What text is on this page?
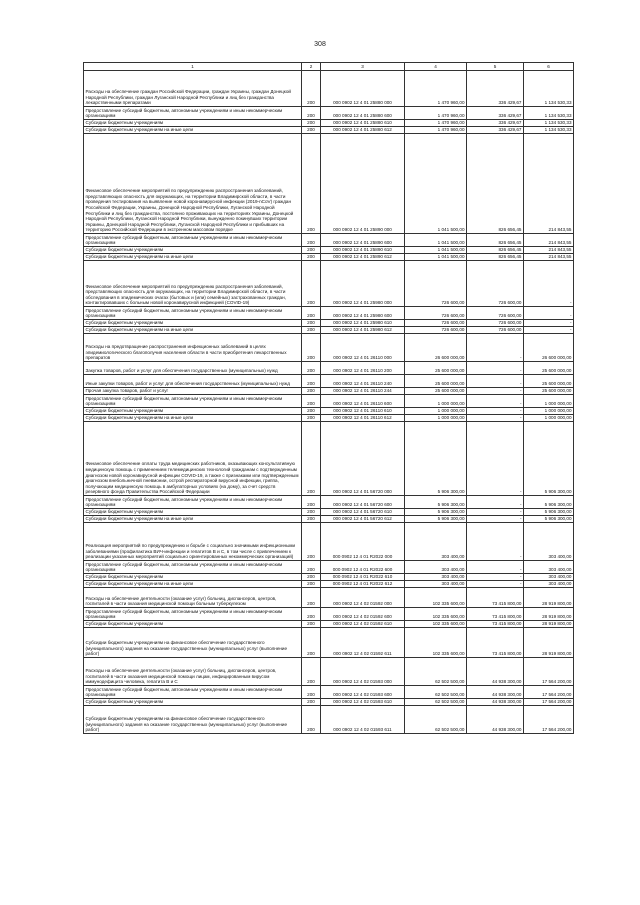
308
1	2	3	4	5	6
Расходы на обеспечение граждан Российской Федерации, граждан Украины, граждан Донецкой Народной Республики, граждан Луганской Народной Республики и лиц без гражданства лекарственными препаратами	200	000 0902 12 4 01 25880 000	1 470 960,00	336 429,67	1 134 530,33
Предоставление субсидий бюджетным, автономным учреждениям и иным некоммерческим организациям	200	000 0902 12 4 01 25880 600	1 470 960,00	336 429,67	1 134 530,33
Субсидии бюджетным учреждениям	200	000 0902 12 4 01 25880 610	1 470 960,00	336 429,67	1 134 530,33
Субсидии бюджетным учреждениям на иные цели	200	000 0902 12 4 01 25880 612	1 470 960,00	336 429,67	1 134 530,33
Финансовое обеспечение мероприятий по предупреждению распространения заболеваний, представляющих опасность для окружающих, на территории Владимирской области, в части проведения тестирования на выявление новой коронавирусной инфекции (2019-nCoV) граждан Российской Федерации, Украины, Донецкой Народной Республики, Луганской Народной Республики и лиц без гражданства, постоянно проживающих на территориях Украины, Донецкой Народной Республики, Луганской Народной Республики, вынужденно покинувших территории Украины, Донецкой Народной Республики, Луганской Народной Республики и прибывших на территорию Российской Федерации в экстренном массовом порядке	200	000 0902 12 4 01 25890 000	1 041 500,00	826 656,45	214 843,55
Предоставление субсидий бюджетным, автономным учреждениям и иным некоммерческим организациям	200	000 0902 12 4 01 25890 600	1 041 500,00	826 656,45	214 843,55
Субсидии бюджетным учреждениям	200	000 0902 12 4 01 25890 610	1 041 500,00	826 656,45	214 843,55
Субсидии бюджетным учреждениям на иные цели	200	000 0902 12 4 01 25890 612	1 041 500,00	826 656,45	214 843,55
Финансовое обеспечение мероприятий по предупреждению распространения заболеваний, представляющих опасность для окружающих, на территории Владимирской области, в части обследования в эпидемических очагах (бытовых и (или) семейных) застрахованных граждан, контактировавших с больным новой коронавирусной инфекцией (COVID-19)	200	000 0902 12 4 01 25980 000	726 600,00	726 600,00	-
Предоставление субсидий бюджетным, автономным учреждениям и иным некоммерческим организациям	200	000 0902 12 4 01 25980 600	726 600,00	726 600,00	-
Субсидии бюджетным учреждениям	200	000 0902 12 4 01 25980 610	726 600,00	726 600,00	-
Субсидии бюджетным учреждениям на иные цели	200	000 0902 12 4 01 25980 612	726 600,00	726 600,00	-
Расходы на предотвращение распространения инфекционных заболеваний в целях эпидемиологического благополучия населения области в части приобретения лекарственных препаратов	200	000 0902 12 4 01 26110 000	26 600 000,00	-	26 600 000,00
Закупка товаров, работ и услуг для обеспечения государственных (муниципальных) нужд	200	000 0902 12 4 01 26110 200	25 600 000,00	-	25 600 000,00
Иные закупки товаров, работ и услуг для обеспечения государственных (муниципальных) нужд	200	000 0902 12 4 01 26110 240	25 600 000,00	-	25 600 000,00
Прочая закупка товаров, работ и услуг	200	000 0902 12 4 01 26110 244	25 600 000,00	-	25 600 000,00
Предоставление субсидий бюджетным, автономным учреждениям и иным некоммерческим организациям	200	000 0902 12 4 01 26110 600	1 000 000,00	-	1 000 000,00
Субсидии бюджетным учреждениям	200	000 0902 12 4 01 26110 610	1 000 000,00	-	1 000 000,00
Субсидии бюджетным учреждениям на иные цели	200	000 0902 12 4 01 26110 612	1 000 000,00	-	1 000 000,00
Финансовое обеспечение оплаты труда медицинских работников, оказывающих консультативную медицинскую помощь с применением телемедицинских технологий гражданам с подтвержденным диагнозом новой коронавирусной инфекции COVID-19, а также с признаками или подтвержденным диагнозом внебольничной пневмонии, острой респираторной вирусной инфекции, гриппа, получающим медицинскую помощь в амбулаторных условиях (на дому), за счет средств резервного фонда Правительства Российской Федерации	200	000 0902 12 4 01 56720 000	5 906 300,00	-	5 906 300,00
Предоставление субсидий бюджетным, автономным учреждениям и иным некоммерческим организациям	200	000 0902 12 4 01 56720 600	5 906 300,00	-	5 906 300,00
Субсидии бюджетным учреждениям	200	000 0902 12 4 01 56720 610	5 906 300,00	-	5 906 300,00
Субсидии бюджетным учреждениям на иные цели	200	000 0902 12 4 01 56720 612	5 906 300,00	-	5 906 300,00
Реализация мероприятий по предупреждению и борьбе с социально значимыми инфекционными заболеваниями (профилактика ВИЧ-инфекции и гепатитов B и C, в том числе с привлечением к реализации указанных мероприятий социально ориентированных некоммерческих организаций)	200	000 0902 12 4 01 R2022 000	303 400,00	-	303 400,00
Предоставление субсидий бюджетным, автономным учреждениям и иным некоммерческим организациям	200	000 0902 12 4 01 R2022 600	303 400,00	-	303 400,00
Субсидии бюджетным учреждениям	200	000 0902 12 4 01 R2022 610	303 400,00	-	303 400,00
Субсидии бюджетным учреждениям на иные цели	200	000 0902 12 4 01 R2022 612	303 400,00	-	303 400,00
Расходы на обеспечение деятельности (оказание услуг) больниц, диспансеров, центров, госпиталей в части оказания медицинской помощи больным туберкулезом	200	000 0902 12 4 02 01592 000	102 335 600,00	73 415 800,00	28 919 800,00
Предоставление субсидий бюджетным, автономным учреждениям и иным некоммерческим организациям	200	000 0902 12 4 02 01592 600	102 335 600,00	73 415 800,00	28 919 800,00
Субсидии бюджетным учреждениям	200	000 0902 12 4 02 01592 610	102 335 600,00	73 415 800,00	28 919 800,00
Субсидии бюджетным учреждениям на финансовое обеспечение государственного (муниципального) задания на оказание государственных (муниципальных) услуг (выполнение работ)	200	000 0902 12 4 02 01592 611	102 335 600,00	73 415 800,00	28 919 800,00
Расходы на обеспечение деятельности (оказание услуг) больниц, диспансеров, центров, госпиталей в части оказания медицинской помощи лицам, инфицированным вирусом иммунодефицита человека, гепатита B и C	200	000 0902 12 4 02 01593 000	62 502 500,00	44 938 300,00	17 564 200,00
Предоставление субсидий бюджетным, автономным учреждениям и иным некоммерческим организациям	200	000 0902 12 4 02 01593 600	62 502 500,00	44 938 300,00	17 564 200,00
Субсидии бюджетным учреждениям	200	000 0902 12 4 02 01593 610	62 502 500,00	44 938 300,00	17 564 200,00
Субсидии бюджетным учреждениям на финансовое обеспечение государственного (муниципального) задания на оказание государственных (муниципальных) услуг (выполнение работ)	200	000 0902 12 4 02 01593 611	62 502 500,00	44 938 300,00	17 564 200,00
